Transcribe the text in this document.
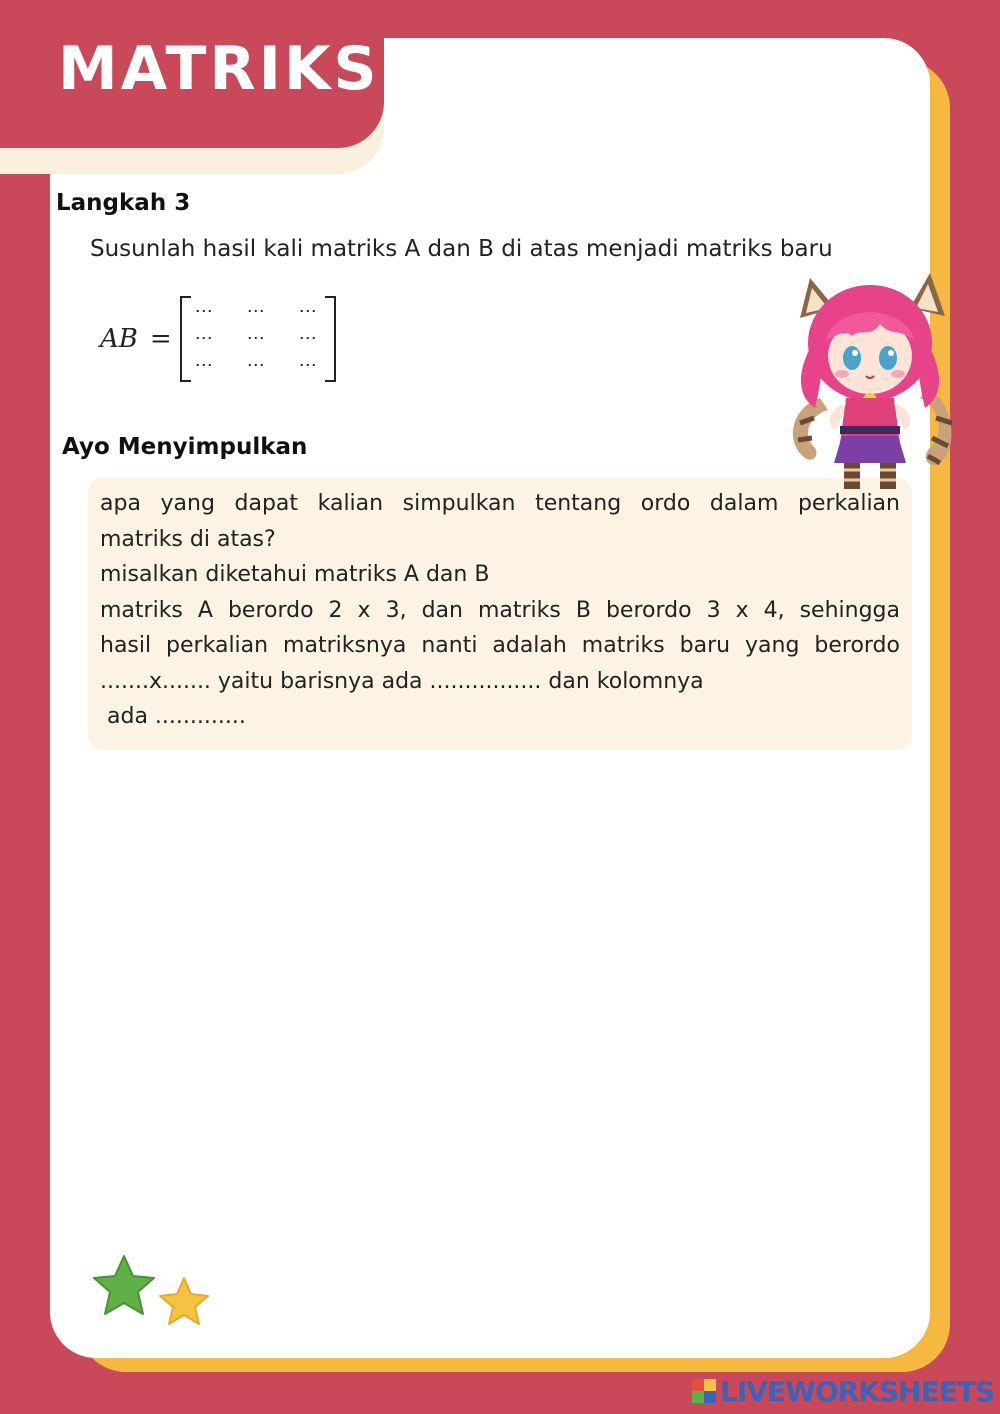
MATRIKS
Langkah 3

Susunlah hasil kali matriks A dan B di atas menjadi matriks baru

AB =
⋯	⋯	⋯
⋯	⋯	⋯
⋯	⋯	⋯
Ayo Menyimpulkan

apa yang dapat kalian simpulkan tentang ordo dalam perkalian
matriks di atas?
misalkan diketahui matriks A dan B
matriks A berordo 2 x 3, dan matriks B berordo 3 x 4, sehingga
hasil perkalian matriksnya nanti adalah matriks baru yang berordo
.......x....... yaitu barisnya ada ................ dan kolomnya
ada .............

LIVEWORKSHEETS
